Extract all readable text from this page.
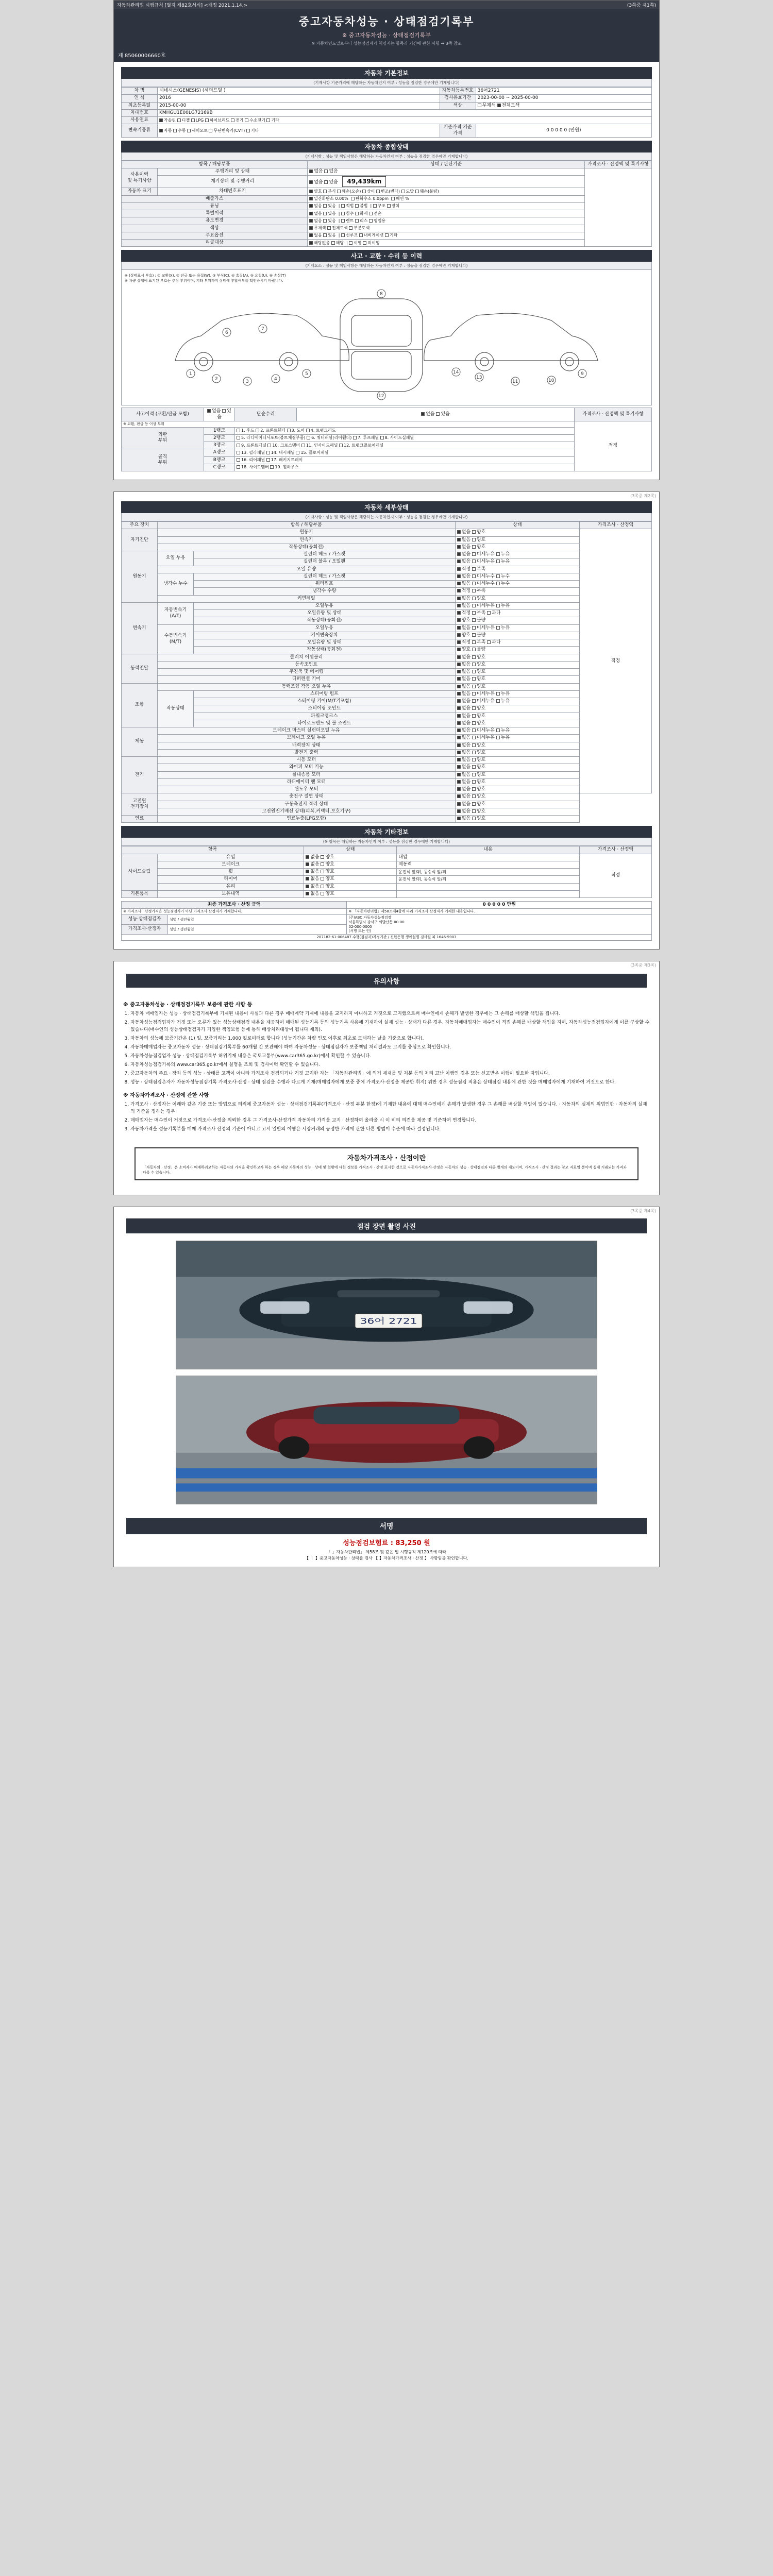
자동차관리법 시행규칙 [별지 제82호서식] <개정 2021.1.14.>	(3쪽중 제1쪽)
중고자동차성능 · 상태점검기록부
※ 중고자동차성능 · 상태점검기록부
※ 자동차인도일로부터 성능점검자가 책임지는 항목과 기간에 관한 사항 → 3쪽 참조
제 85060006660호
자동차 기본정보
(기재사항 기준가격에 해당하는 자동차인지 여부 : 성능을 점검한 경우에만 기재합니다)
차 명	제네시스(GENESIS) (세퍼드딜 )	자동차등록번호	36어2721
연 식	2016	검사유효기간	2023-00-00 ~ 2025-00-00
최초등록일	2015-00-00	색상	무채색 전체도색
차대번호	KMHGU1E00LG72169B		
사용연료	가솔린 디젤 LPG 하이브리드 전기 수소전기 기타		
변속기종류	자동 수동 세미오토 무단변속기(CVT) 기타	기준가격 기준가격	0 0 0 0 0 (만원)
자동차 종합상태
(기재사항 : 성능 및 책임사항은 해당하는 자동차인지 여부 : 성능을 점검한 경우에만 기재합니다)
항목 / 해당부품		상태 / 판단기준	가격조사 · 산정액 및 특기사항
사용이력
및 특기사항	주행거리 및 상태	없음 있음	
	계기상태 및 주행거리	없음 있음   49,439km	
자동차 표기	차대번호표기	양호 부식 훼손(오손) 상이 변조(변타) 도말 훼손(불량)	
배출가스		일산화탄소 0.00% 탄화수소 0.0ppm 매연 %	
튜닝		없음 있음  | 적법 불법  | 구조 장치	
특별이력		없음 있음  | 침수 화재 전손	
용도변경		없음 있음  | 렌트 리스 영업용	
색상		무채색 전체도색 부분도색	
주요옵션		없음 있음  | 선루프 내비게이션 기타	
리콜대상		해당없음 해당  | 이행 미이행	
사고 · 교환 · 수리 등 이력
(기재요소 : 성능 및 책임사항은 해당하는 자동차인지 여부 : 성능을 점검한 경우에만 기재합니다)
※ (상태표시 부호) : ① 교환(X), ② 판금 또는 용접(W), ③ 부식(C), ④ 흠집(A), ⑤ 요철(U), ⑥ 손상(T)
※ 차량 상태에 표기된 부호는 추정 부위이며, 기타 부위까지 상태에 부합여부를 확인하시기 바랍니다.
1
2	3	4
5
6
7
8
12
9
10
11
13
14
사고이력 (교환/판금 포함)	없음 있음	단순수리	없음 있음	가격조사 · 산정액 및 특기사항
※ 교환, 판금 등 이상 부위				적정
외판
부위	1랭크	1. 후드 2. 프론트휀더 3. 도어 4. 트렁크리드		
	2랭크	5. 라디에이터서포트(볼트체결부품) 6. 쿼터패널(리어휀더) 7. 루프패널 8. 사이드실패널		
	3랭크	9. 프론트패널 10. 크로스멤버 11. 인사이드패널 12. 트렁크플로어패널		
골격
부위	A랭크	13. 필라패널 14. 대시패널 15. 플로어패널		
	B랭크	16. 리어패널 17. 패키지트레이		
	C랭크	18. 사이드멤버 19. 휠하우스		
(3쪽중 제2쪽)
자동차 세부상태
(기재사항 : 성능 및 책임사항은 해당하는 자동차인지 여부 : 성능을 점검한 경우에만 기재합니다)
주요 장치	항목 / 해당부품		상태	가격조사 · 산정액
자기진단	원동기		없음 양호	적정
	변속기		없음 양호	
	작동상태(공회전)		없음 양호	
원동기	오일 누유	실린더 헤드 / 가스켓	없음 미세누유 누유	
		실린더 블록 / 오일팬	없음 미세누유 누유	
	오일 유량		적정 부족	
	냉각수 누수	실린더 헤드 / 가스켓	없음 미세누수 누수	
		워터펌프	없음 미세누수 누수	
		냉각수 수량	적정 부족	
	커먼레일		없음 양호	
변속기	자동변속기
(A/T)	오일누유	없음 미세누유 누유	
		오일유량 및 상태	적정 부족 과다	
		작동상태(공회전)	양호 불량	
	수동변속기
(M/T)	오일누유	없음 미세누유 누유	
		기어변속장치	양호 불량	
		오일유량 및 상태	적정 부족 과다	
		작동상태(공회전)	양호 불량	
동력전달	클러치 어셈블리		없음 양호	
	등속조인트		없음 양호	
	추진축 및 베어링		없음 양호	
	디퍼렌셜 기어		없음 양호	
조향	동력조향 작동 오일 누유		없음 양호	
	작동상태	스티어링 펌프	없음 미세누유 누유	
		스티어링 기어(M/T기포함)	없음 미세누유 누유	
		스티어링 조인트	없음 양호	
		파워크랭크스	없음 양호	
		타이로드엔드 및 볼 조인트	없음 양호	
제동	브레이크 마스터 실린더오일 누유		없음 미세누유 누유	
	브레이크 오일 누유		없음 미세누유 누유	
	배력장치 상태		없음 양호	
	발전기 출력		없음 양호	
전기	시동 모터		없음 양호	
	와이퍼 모터 기능		없음 양호	
	실내송풍 모터		없음 양호	
	라디에이터 팬 모터		없음 양호	
	윈도우 모터		없음 양호	
고전원
전기장치	충전구 절연 상태		없음 양호	
	구동축전지 격리 상태		없음 양호	
	고전원전기배선 상태(피복,커넥터,보호기구)		없음 양호	
연료	연료누출(LPG포함)		없음 양호	
자동차 기타정보
(※ 항목은 해당하는 자동차인지 여부 : 성능을 점검한 경우에만 기재합니다)
항목		상태	내용	가격조사 · 산정액
사이드슬립	유입	없음 양호	내압	적정
	브레이크	없음 양호	제동력	
	휠	없음 양호	운전석 앞/뒤, 동승석 앞/뒤	
	타이어	없음 양호	운전석 앞/뒤, 동승석 앞/뒤	
	유리	없음 양호		
기본품목	보유내역	없음 양호		
최종 가격조사 · 산정 금액		0 0 0 0 0 만원
※ 가격조사 · 산정가격은 성능점검자가 아닌 가격조사·산정자가 기재합니다.		※ 「자동차관리법」제58조제4항에 따라 가격조사·산정자가 기재한 내용입니다.
성능·상태점검자	성명 / 생년월일	(주)ABC 자동차성능점검장
서울특별시 강서구 외발산동 00-00
02-000-0000
(서명 또는 인)

가격조사·산정자	성명 / 생년월일	
207182-61-006487 수행(점검자)지정기관 / 신한은행 생애설별 검사원 피 1646-5903		
(3쪽중 제3쪽)
유의사항
※ 중고자동차성능 · 상태점검기록부 보증에 관한 사항 등
1. 자동차 매매업자는 성능 · 상태점검기록부에 기재된 내용이 사실과 다른 경우 매매계약 기재에 내용을 교지하지 아니하고 거짓으로 고지했으로써 매수인에게 손해가 발생한 경우에는 그 손해를 배상할 책임을 집니다.
2. 자동차성능점검업자가 거짓 또는 오류가 있는 성능상태점검 내용을 제공하여 매매된 성능기록 등의 성능기록 사용에 기재하여 실제 성능 · 상태가 다른 경우, 자동차매매업자는 매수인이 직접 손해를 배상할 책임을 지며, 자동차성능점검업자에게 이를 구상할 수 있습니다(매수인의 성능상태점검자가 기입한 책임보험 등에 통해 배상처리대상이 됩니다 제외).
3. 자동차의 성능에 보증기간은 (1) 일, 보증거리는 1,000 킬로미터로 합니다 (성능기간은 차량 인도 이후로 최초로 도래하는 날을 기준으로 합니다).
4. 자동차매매업자는 중고자동차 성능 · 상태점검기록부를 60개월 간 보관해야 하며 자동차성능 · 상태점검자가 보증책임 처리결과도 고지를 중심으로 확인합니다.
5. 자동차성능점검업자 성능 · 상태점검기록부 허위기재 내용은 국토교통부(www.car365.go.kr)에서 확인할 수 있습니다.
6. 자동차성능점검기록의 www.car365.go.kr에서 실명을 조회 및 검사이력 확인할 수 있습니다.
7. 중고자동차의 주요 · 장치 등의 성능 · 상태를 고객이 아니라 가격조사 검검되거나 거짓 고지한 자는 「자동차관리법」에 의거 제재를 및 처분 등의 처리 고난 이행인 경우 또는 신고받은 이행이 필요한 자입니다.
8. 성능 · 상태점검은자가 자동차성능점검기록 가격조사·산정 · 상태 점검을 수행과 다르게 기재(매매업자에게 보증 중에 가격조사·산정을 제공한 취지) 위반 경우 성능점검 적용은 상태점검 내용에 관한 것을 매매업자에게 기재하여 거짓으로 한다.
※ 자동차가격조사 · 산정에 관한 사항
1. 가격조사 · 산정자는 이래와 같은 기준 또는 방법으로 의뢰에 중고자동차 성능 · 상태점검기록부(가격조사 · 산정 부분 한정)에 기재한 내용에 대해 매수인에게 손해가 발생한 경우 그 손해를 배상할 책임이 있습니다. · 자동차의 실제의 위법인한 · 자동차의 실제의 기준을 정하는 경우
2. 매매업자는 매수인이 거짓으로 가격조사·산정을 의뢰한 경우 그 가격조사·산정가격 자동차의 가격을 교지 · 산정하여 올라올 시 이 비의 의견을 제공 및 기준하여 변경합니다.
3. 자동차가격을 성능기록부를 매매 가격조사 산정의 기준이 아니고 고시 일반의 이행은 시장거래의 공정한 가격에 관한 다른 방법이 수준에 따라 결정됩니다.
자동차가격조사 · 산정이란
「자동차의 · 산정」은 소비자가 매매하려고하는 자동차의 가격을 확인하고자 하는 경우 해당 자동차의 성능 · 상태 및 현황에 대한 정보를 가격조사 · 산정 표시한 것으로 자동차가격조사·산정은 자동차의 성능 · 상태점검과 다른 별개의 제도이며, 가격조사 · 산정 결과는 참고 자료일 뿐이며 실제 거래되는 가격과 다를 수 있습니다.
(3쪽중 제4쪽)
점검 장면 촬영 사진
36어 2721
서명
성능점검보험료 : 83,250 원
「 」자동차관리법」 제58조 및 같은 법 시행규칙 제120조에 따라
【 ㅣ 】중고자동차성능 · 상태를 검사 【 】자동차가격조사 · 산정 】 사항임을 확인합니다.
